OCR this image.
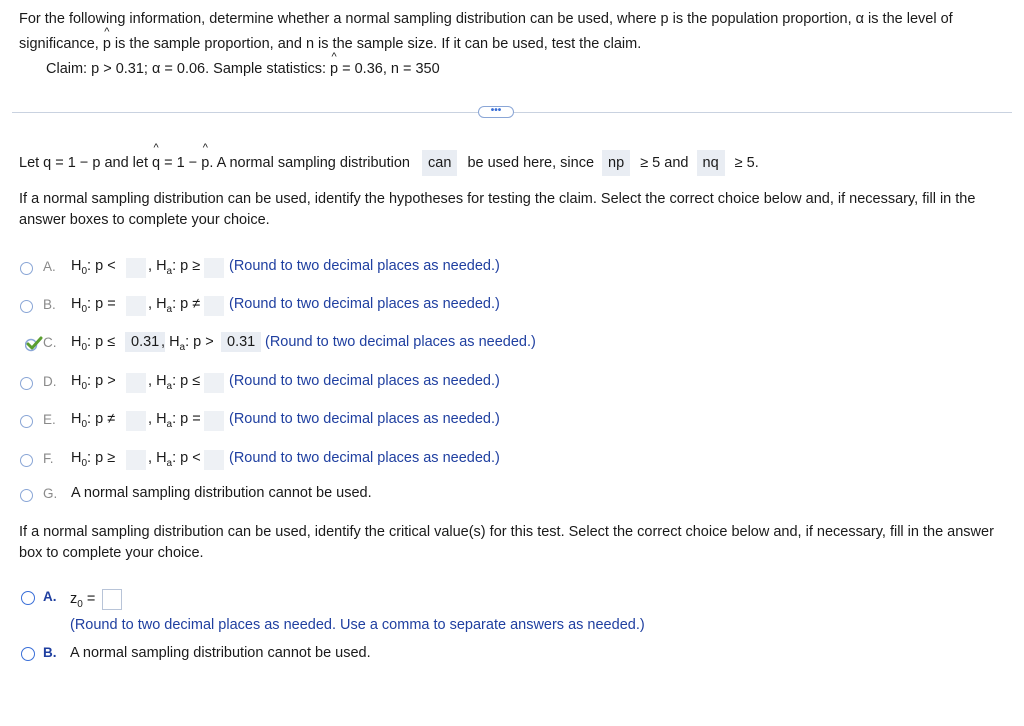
For the following information, determine whether a normal sampling distribution can be used, where p is the population proportion, α is the level of
significance, ^ p is the sample proportion, and n is the sample size. If it can be used, test the claim.
Claim: p > 0.31; α = 0.06. Sample statistics: ^ p = 0.36, n = 350
•••
Let q = 1 − p and let ^ q = 1 − ^ p. A normal sampling distribution can be used here, since np ≥ 5 and nq ≥ 5.
If a normal sampling distribution can be used, identify the hypotheses for testing the claim. Select the correct choice below and, if necessary, fill in the answer boxes to complete your choice.
A. $H_0$: p < , $H_a$: p ≥ (Round to two decimal places as needed.)
B. $H_0$: p = , $H_a$: p ≠ (Round to two decimal places as needed.)
C. $H_0$: p ≤	0.31 , $H_a$: p > 0.31 (Round to two decimal places as needed.)
D. $H_0$: p > , $H_a$: p ≤ (Round to two decimal places as needed.)
E. $H_0$: p ≠ , $H_a$: p = (Round to two decimal places as needed.)
F. $H_0$: p ≥ , $H_a$: p < (Round to two decimal places as needed.)
G. A normal sampling distribution cannot be used.
If a normal sampling distribution can be used, identify the critical value(s) for this test. Select the correct choice below and, if necessary, fill in the answer box to complete your choice.
A. $z_0$ =
(Round to two decimal places as needed. Use a comma to separate answers as needed.)
B. A normal sampling distribution cannot be used.
